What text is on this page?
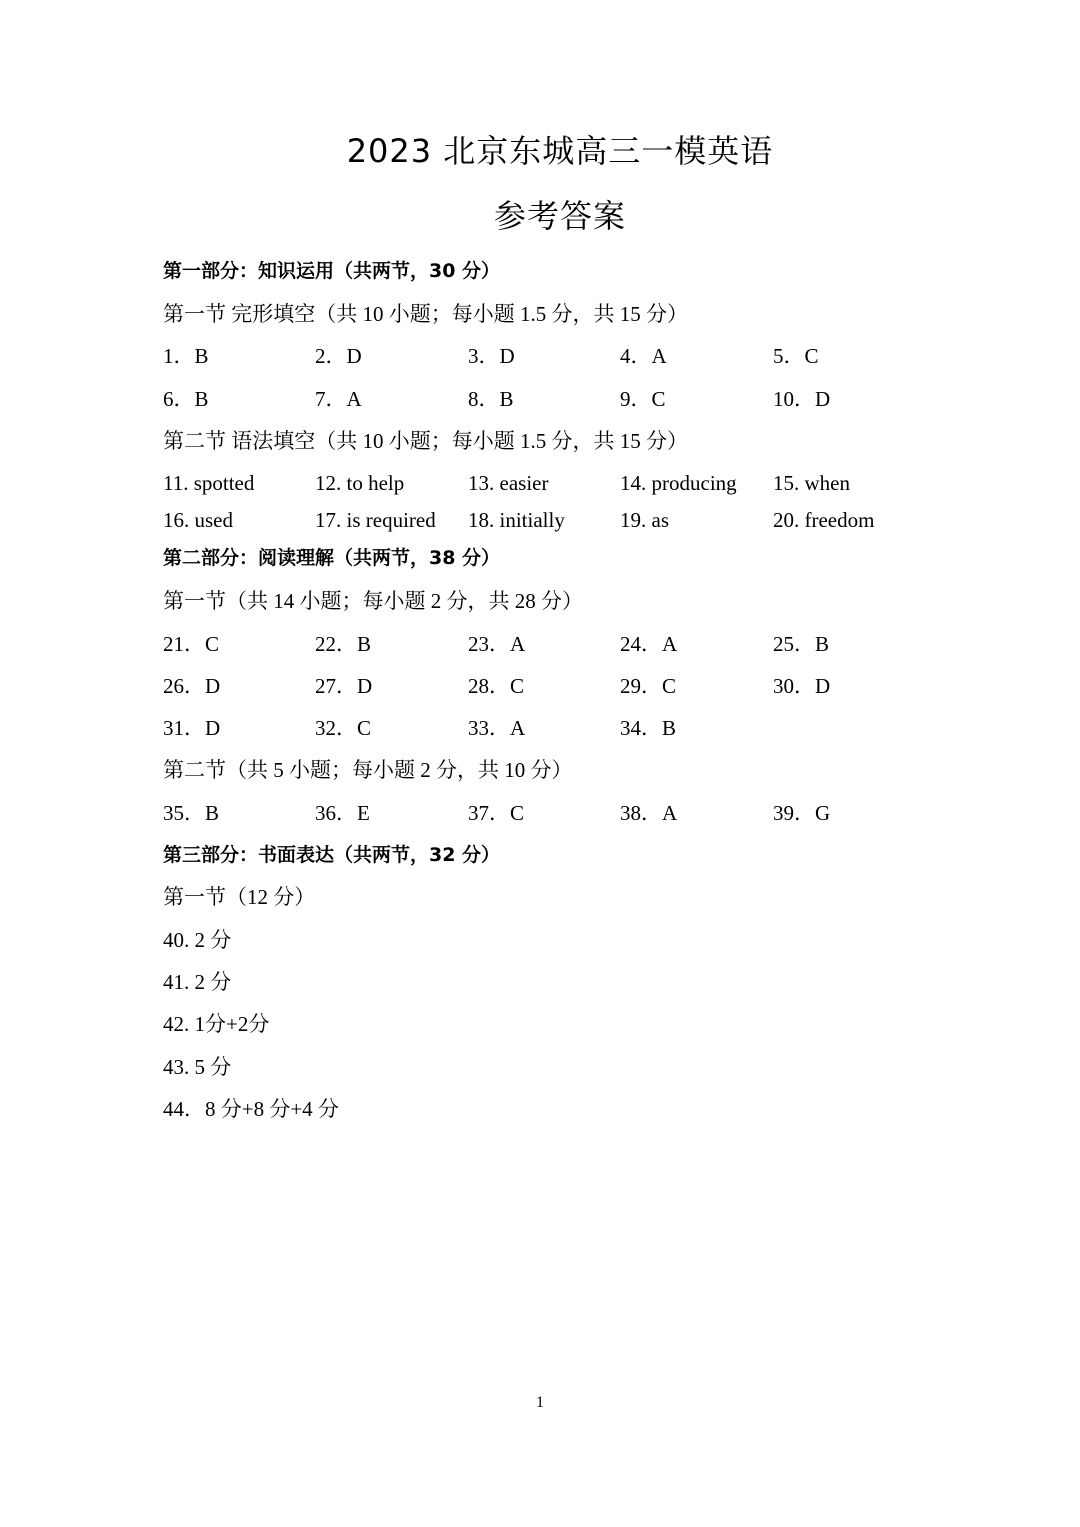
2023 北京东城高三一模英语
参考答案
第一部分：知识运用（共两节，30 分）
第一节 完形填空（共 10 小题；每小题 1.5 分，共 15 分）
1．B	2．D	3．D	4．A	5．C
6．B	7．A	8．B	9．C	10．D
第二节 语法填空（共 10 小题；每小题 1.5 分，共 15 分）
11. spotted	12. to help	13. easier	14. producing 15. when
16. used	17. is required 18. initially	19. as	20. freedom
第二部分：阅读理解（共两节，38 分）
第一节（共 14 小题；每小题 2 分，共 28 分）
21．C	22．B	23．A	24．A	25．B
26．D	27．D	28．C	29．C	30．D
31．D	32．C	33．A	34．B
第二节（共 5 小题；每小题 2 分，共 10 分）
35．B	36．E	37．C	38．A	39．G
第三部分：书面表达（共两节，32 分）
第一节（12 分）
40. 2 分
41. 2 分
42. 1分+2分
43. 5 分
44．8 分+8 分+4 分
1
